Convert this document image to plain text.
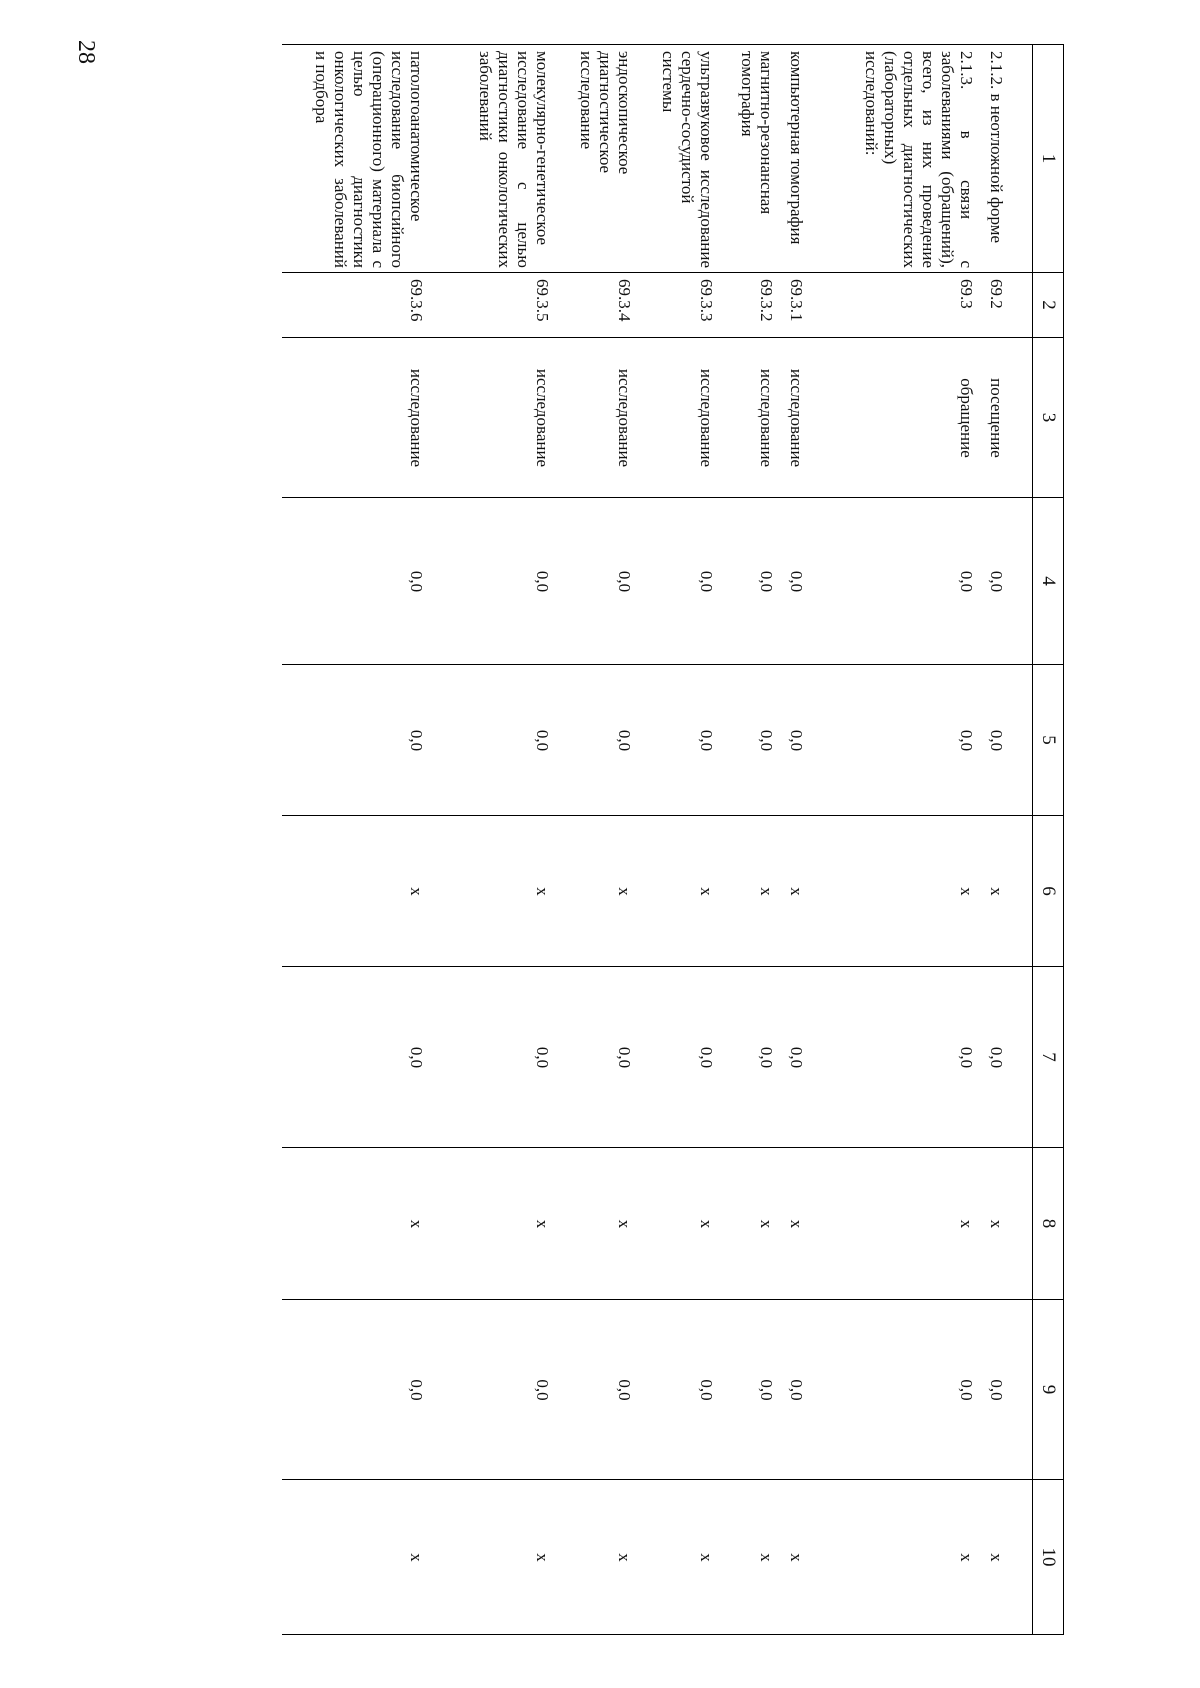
28
1	2	3	4	5	6	7	8	9	10
2.1.2. в неотложной форме	69.2	посещение	0,0	0,0	х	0,0	х	0,0	х
2.1.3. в связи с заболеваниями (обращений), всего, из них проведение отдельных диагностических (лабораторных) исследований:	69.3	обращение	0,0	0,0	х	0,0	х	0,0	х
компьютерная томография	69.3.1	исследование	0,0	0,0	х	0,0	х	0,0	х
магнитно-резонансная томография	69.3.2	исследование	0,0	0,0	х	0,0	х	0,0	х
ультразвуковое исследование сердечно-сосудистой системы	69.3.3	исследование	0,0	0,0	х	0,0	х	0,0	х
эндоскопическое диагностическое исследование	69.3.4	исследование	0,0	0,0	х	0,0	х	0,0	х
молекулярно-генетическое исследование с целью диагностики онкологических заболеваний	69.3.5	исследование	0,0	0,0	х	0,0	х	0,0	х
патологоанатомическое исследование биопсийного (операционного) материала с целью диагностики онкологических заболеваний и подбора	69.3.6	исследование	0,0	0,0	х	0,0	х	0,0	х
